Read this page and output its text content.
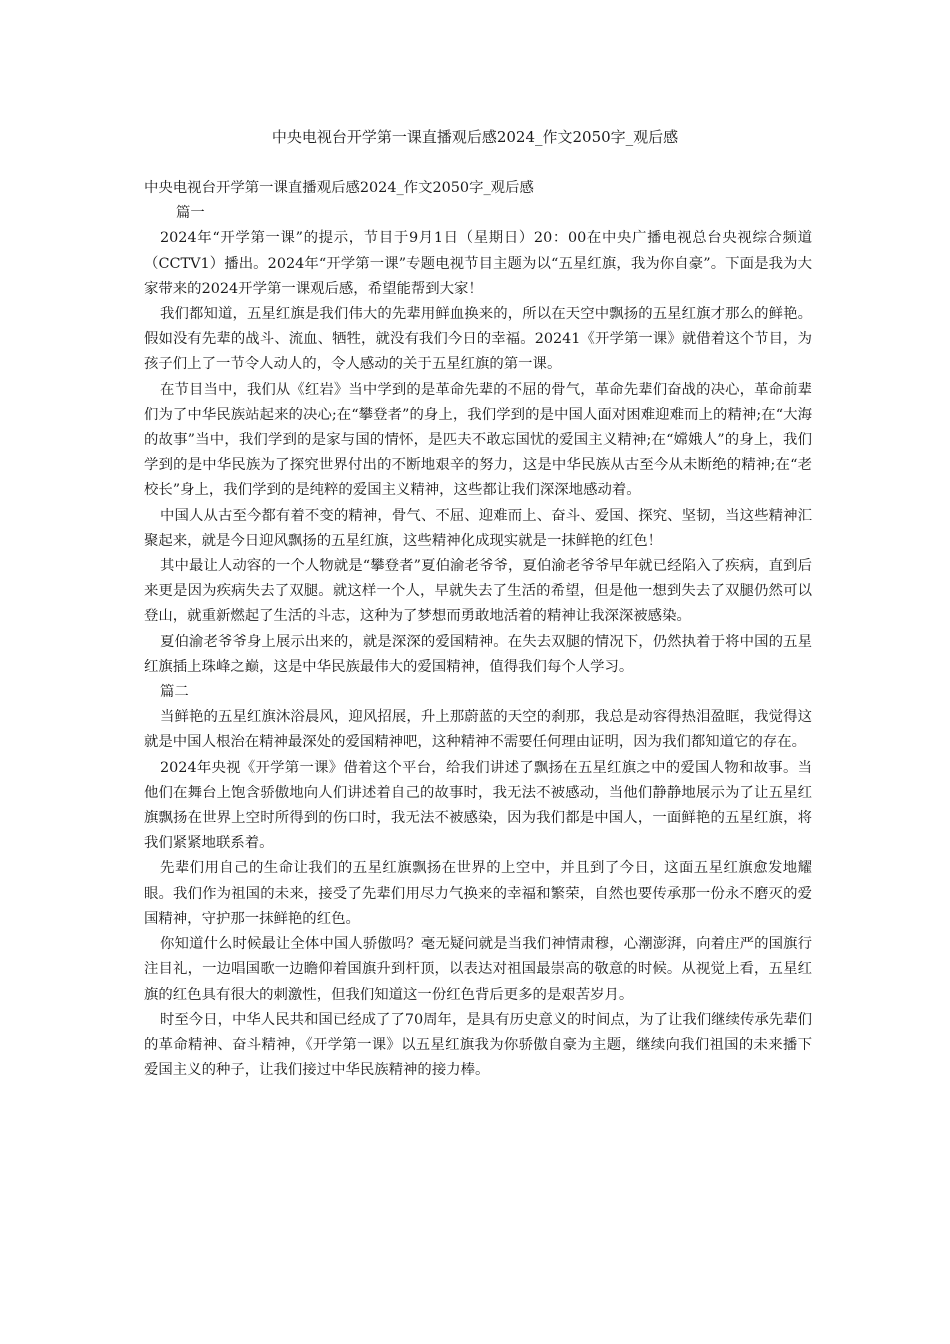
中央电视台开学第一课直播观后感2024_作文2050字_观后感
中央电视台开学第一课直播观后感2024_作文2050字_观后感

篇一

2024年“开学第一课”的提示，节目于9月1日（星期日）20：00在中央广播电视总台央视综合频道（CCTV1）播出。2024年“开学第一课”专题电视节目主题为以“五星红旗，我为你自豪”。下面是我为大家带来的2024开学第一课观后感，希望能帮到大家！

我们都知道，五星红旗是我们伟大的先辈用鲜血换来的，所以在天空中飘扬的五星红旗才那么的鲜艳。假如没有先辈的战斗、流血、牺牲，就没有我们今日的幸福。20241《开学第一课》就借着这个节目，为孩子们上了一节令人动人的，令人感动的关于五星红旗的第一课。

在节目当中，我们从《红岩》当中学到的是革命先辈的不屈的骨气，革命先辈们奋战的决心，革命前辈们为了中华民族站起来的决心;在“攀登者”的身上，我们学到的是中国人面对困难迎难而上的精神;在“大海的故事”当中，我们学到的是家与国的情怀，是匹夫不敢忘国忧的爱国主义精神;在“嫦娥人”的身上，我们学到的是中华民族为了探究世界付出的不断地艰辛的努力，这是中华民族从古至今从未断绝的精神;在“老校长”身上，我们学到的是纯粹的爱国主义精神，这些都让我们深深地感动着。

中国人从古至今都有着不变的精神，骨气、不屈、迎难而上、奋斗、爱国、探究、坚韧，当这些精神汇聚起来，就是今日迎风飘扬的五星红旗，这些精神化成现实就是一抹鲜艳的红色！

其中最让人动容的一个人物就是“攀登者”夏伯渝老爷爷，夏伯渝老爷爷早年就已经陷入了疾病，直到后来更是因为疾病失去了双腿。就这样一个人，早就失去了生活的希望，但是他一想到失去了双腿仍然可以登山，就重新燃起了生活的斗志，这种为了梦想而勇敢地活着的精神让我深深被感染。

夏伯渝老爷爷身上展示出来的，就是深深的爱国精神。在失去双腿的情况下，仍然执着于将中国的五星红旗插上珠峰之巅，这是中华民族最伟大的爱国精神，值得我们每个人学习。

篇二

当鲜艳的五星红旗沐浴晨风，迎风招展，升上那蔚蓝的天空的刹那，我总是动容得热泪盈眶，我觉得这就是中国人根治在精神最深处的爱国精神吧，这种精神不需要任何理由证明，因为我们都知道它的存在。

2024年央视《开学第一课》借着这个平台，给我们讲述了飘扬在五星红旗之中的爱国人物和故事。当他们在舞台上饱含骄傲地向人们讲述着自己的故事时，我无法不被感动，当他们静静地展示为了让五星红旗飘扬在世界上空时所得到的伤口时，我无法不被感染，因为我们都是中国人，一面鲜艳的五星红旗，将我们紧紧地联系着。

先辈们用自己的生命让我们的五星红旗飘扬在世界的上空中，并且到了今日，这面五星红旗愈发地耀眼。我们作为祖国的未来，接受了先辈们用尽力气换来的幸福和繁荣，自然也要传承那一份永不磨灭的爱国精神，守护那一抹鲜艳的红色。

你知道什么时候最让全体中国人骄傲吗？毫无疑问就是当我们神情肃穆，心潮澎湃，向着庄严的国旗行注目礼，一边唱国歌一边瞻仰着国旗升到杆顶，以表达对祖国最崇高的敬意的时候。从视觉上看，五星红旗的红色具有很大的刺激性，但我们知道这一份红色背后更多的是艰苦岁月。

时至今日，中华人民共和国已经成了了70周年，是具有历史意义的时间点，为了让我们继续传承先辈们的革命精神、奋斗精神，《开学第一课》以五星红旗我为你骄傲自豪为主题，继续向我们祖国的未来播下爱国主义的种子，让我们接过中华民族精神的接力棒。
